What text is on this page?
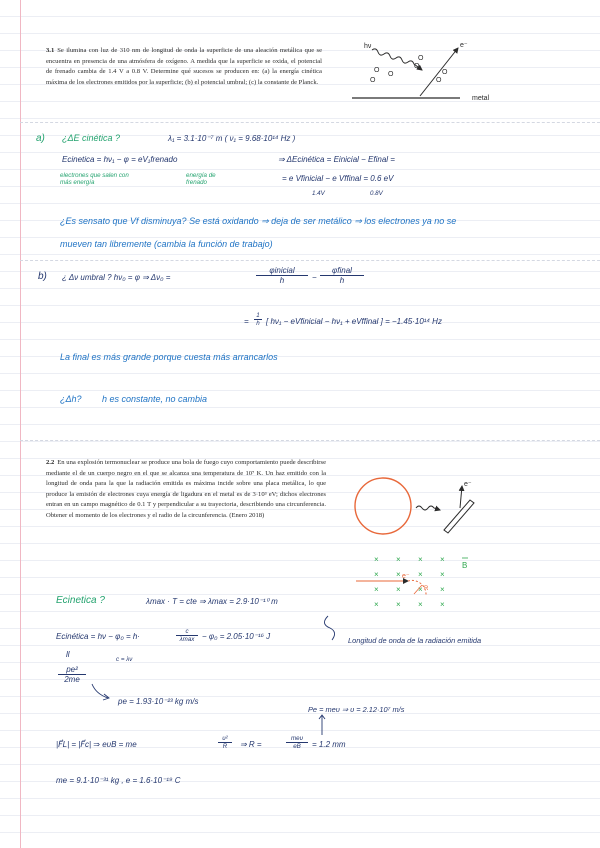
3.1 Se ilumina con luz de 310 nm de longitud de onda la superficie de una aleación metálica que se encuentra en presencia de una atmósfera de oxígeno. A medida que la superficie se oxida, el potencial de frenado cambia de 1.4 V a 0.8 V. Determine qué sucesos se producen en: (a) la energía cinética máxima de los electrones emitidos por la superficie; (b) el potencial umbral; (c) la constante de Planck.
hν	e⁻
O
O
O
O
O
O
O
metal
a) ¿ΔE cinética ?	λ₁ = 3.1·10⁻⁷ m ( ν₁ = 9.68·10¹⁴ Hz )
Ecinetica = hν₁ − φ = eV₁frenado	⇒ ΔEcinética = Einicial − Efinal =
electrones que salen con más energía
energía de frenado	= e Vfinicial − e Vffinal = 0.6 eV
1.4V	0.8V
¿Es sensato que Vf disminuya? Se está oxidando ⇒ deja de ser metálico ⇒ los electrones ya no se mueven tan libremente (cambia la función de trabajo)
b) ¿ Δν umbral ? hν₀ = φ ⇒ Δν₀ =
φinicial
h	−
φfinal
h
= $\frac{1}{h}$ [ hν₁ − eVfinicial − hν₁ + eVffinal ] = −1.45·10¹⁴ Hz
La final es más grande porque cuesta más arrancarlos
¿Δh? h es constante, no cambia
2.2 En una explosión termonuclear se produce una bola de fuego cuyo comportamiento puede describirse mediante el de un cuerpo negro en el que se alcanza una temperatura de 10⁷ K. Un haz emitido con la longitud de onda para la que la radiación emitida es máxima incide sobre una placa metálica, lo que produce la emisión de electrones cuya energía de ligadura en el metal es de 3·10³ eV; dichos electrones entran en un campo magnético de 0.1 T y perpendicular a su trayectoria, describiendo una circunferencia. Obtener el momento de los electrones y el radio de la circunferencia. (Enero 2018)
e⁻
× × × ×
× × × ×
× × × ×
× × × ×
B
e⁻
R
Ecinetica ?	λmax · T = cte ⇒ λmax = 2.9·10⁻¹⁰ m
Longitud de onda de la radiación emitida
Ecinética = hν − φ₀ = h·
c
λmax − φ₀ = 2.05·10⁻¹⁶ J
ll
c = λν
$\frac{\text{pe²}}{2me}$
pe = 1.93·10⁻²³ kg m/s
Pe = meυ ⇒ υ = 2.12·10⁷ m/s
|F⃗L| = |F⃗c| ⇒ eυB = me	$\frac{\text{υ²}}{R}$ ⇒ R =
meυ
eB	= 1.2 mm
me = 9.1·10⁻³¹ kg , e = 1.6·10⁻¹⁹ C
